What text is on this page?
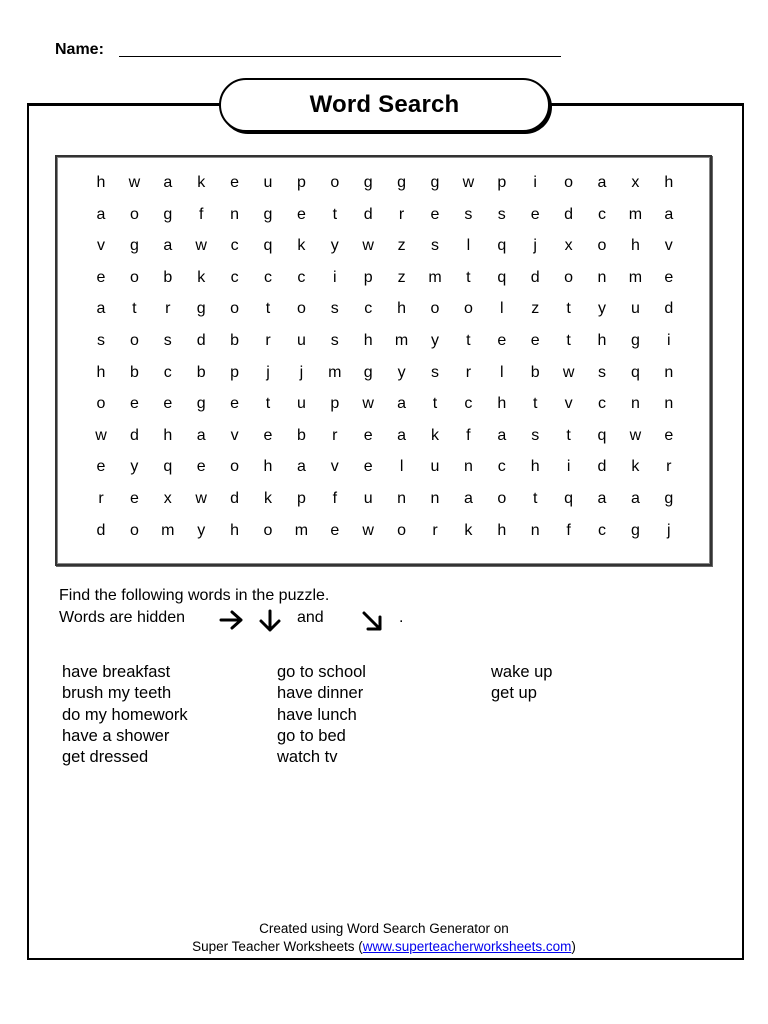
Name:
Word Search
h	w	a	k	e	u	p	o	g	g	g	w	p	i	o	a	x	h
a	o	g	f	n	g	e	t	d	r	e	s	s	e	d	c	m	a
v	g	a	w	c	q	k	y	w	z	s	l	q	j	x	o	h	v
e	o	b	k	c	c	c	i	p	z	m	t	q	d	o	n	m	e
a	t	r	g	o	t	o	s	c	h	o	o	l	z	t	y	u	d
s	o	s	d	b	r	u	s	h	m	y	t	e	e	t	h	g	i
h	b	c	b	p	j	j	m	g	y	s	r	l	b	w	s	q	n
o	e	e	g	e	t	u	p	w	a	t	c	h	t	v	c	n	n
w	d	h	a	v	e	b	r	e	a	k	f	a	s	t	q	w	e
e	y	q	e	o	h	a	v	e	l	u	n	c	h	i	d	k	r
r	e	x	w	d	k	p	f	u	n	n	a	o	t	q	a	a	g
d	o	m	y	h	o	m	e	w	o	r	k	h	n	f	c	g	j
Find the following words in the puzzle.
Words are hidden	and	.
have breakfast
brush my teeth
do my homework
have a shower
get dressed
go to school
have dinner
have lunch
go to bed
watch tv
wake up
get up
Created using Word Search Generator on
Super Teacher Worksheets (www.superteacherworksheets.com)
